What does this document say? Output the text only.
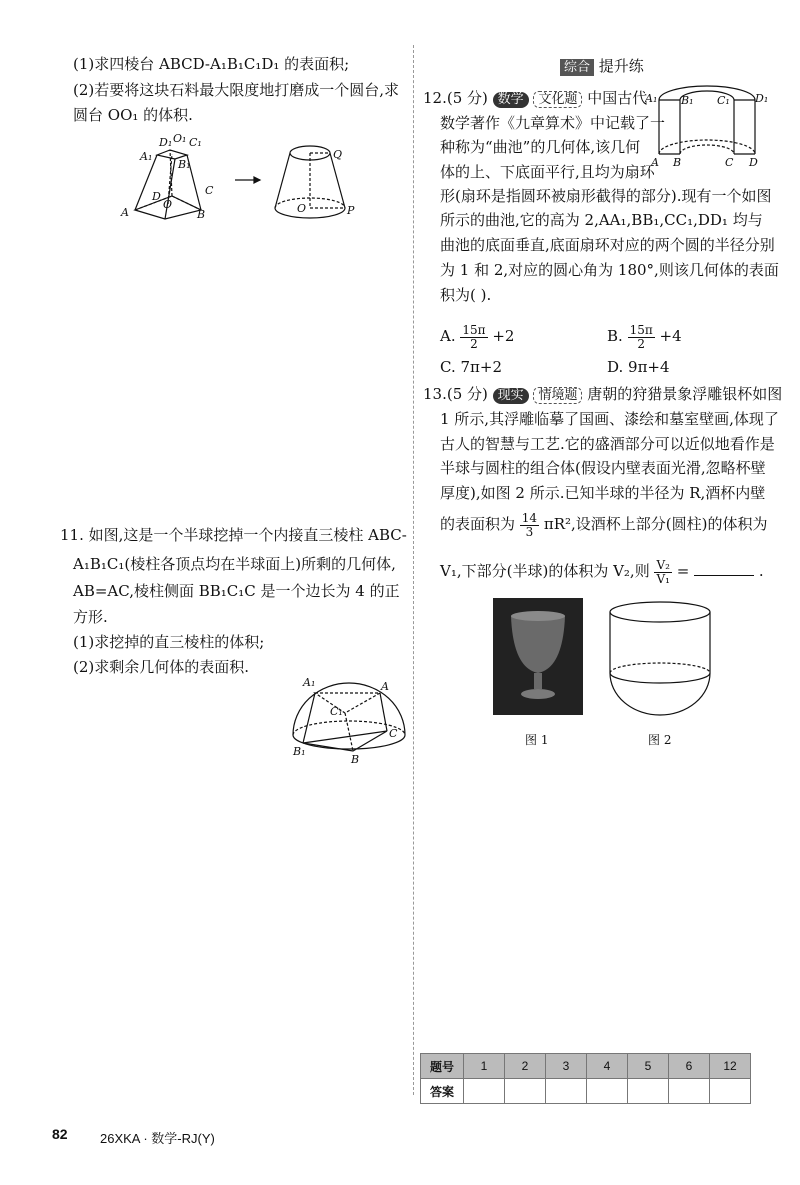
(1)求四棱台 ABCD-A₁B₁C₁D₁ 的表面积;
(2)若要将这块石料最大限度地打磨成一个圆台,求
圆台 OO₁ 的体积.
D₁ O₁ C₁
A₁
B₁
D
O
C
A	B
Q
O	P
11. 如图,这是一个半球挖掉一个内接直三棱柱 ABC-
A₁B₁C₁(棱柱各顶点均在半球面上)所剩的几何体,
AB=AC,棱柱侧面 BB₁C₁C 是一个边长为 4 的正
方形.
(1)求挖掉的直三棱柱的体积;
(2)求剩余几何体的表面积.
A₁	A
C₁
C
B₁
B
综合 提升练
12.(5 分) 数学 文化题 中国古代
数学著作《九章算术》中记载了一
种称为“曲池”的几何体,该几何
体的上、下底面平行,且均为扇环
形(扇环是指圆环被扇形截得的部分).现有一个如图
所示的曲池,它的高为 2,AA₁,BB₁,CC₁,DD₁ 均与
曲池的底面垂直,底面扇环对应的两个圆的半径分别
为 1 和 2,对应的圆心角为 180°,则该几何体的表面
积为( ).
A₁ B₁ C₁ D₁
A B	C D
A. $\frac{15\pi}{2} +2$	B. $\frac{15\pi}{2} +4$
C. 7π+2	D. 9π+4
13.(5 分) 现实 情境题 唐朝的狩猎景象浮雕银杯如图
1 所示,其浮雕临摹了国画、漆绘和墓室壁画,体现了
古人的智慧与工艺.它的盛酒部分可以近似地看作是
半球与圆柱的组合体(假设内壁表面光滑,忽略杯壁
厚度),如图 2 所示.已知半球的半径为 R,酒杯内壁
的表面积为 $\frac{14}{3} \pi R^2$,设酒杯上部分(圆柱)的体积为
V₁,下部分(半球)的体积为 V₂,则 $\frac{\text{V₂}}{\text{V₁}}$ =	.
图 1	图 2
题号	1	2	3	4	5	6	12
答案							
82 26XKA · 数学-RJ(Y)
